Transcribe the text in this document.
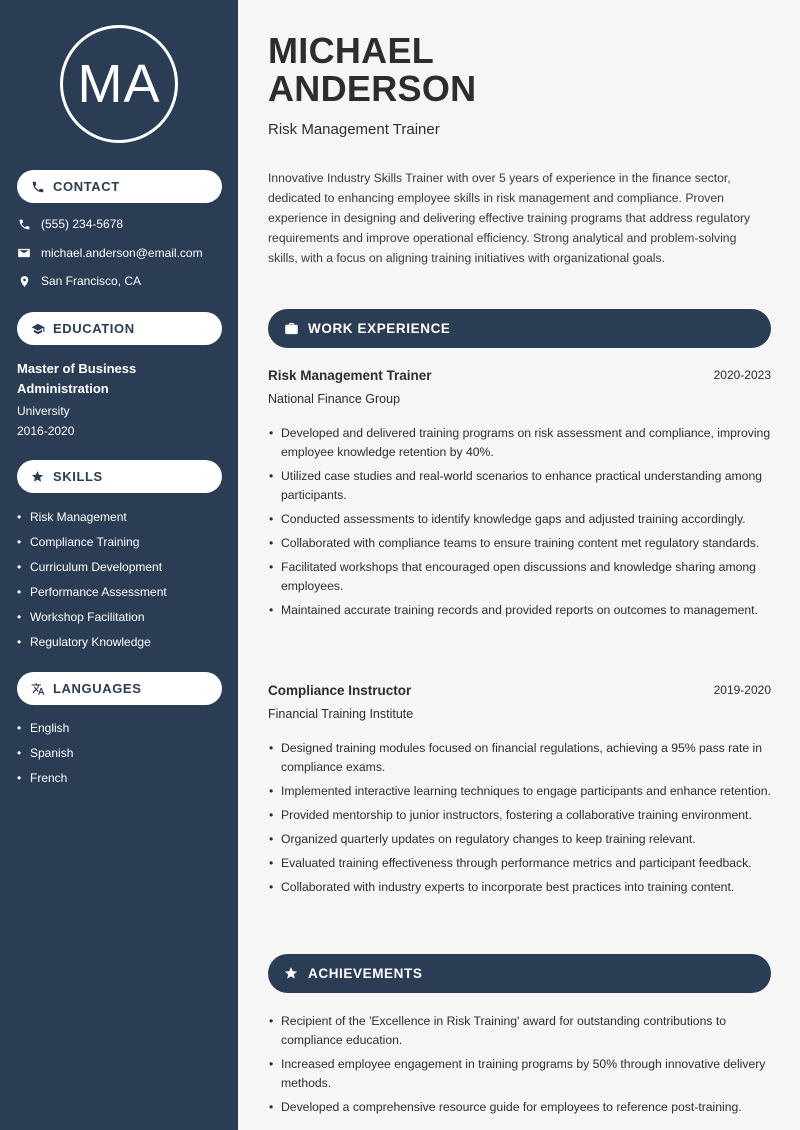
MA
CONTACT
(555) 234-5678
michael.anderson@email.com
San Francisco, CA
EDUCATION
Master of Business Administration
University
2016-2020
SKILLS
•
Risk Management
•
Compliance Training
•
Curriculum Development
•
Performance Assessment
•
Workshop Facilitation
•
Regulatory Knowledge
LANGUAGES
•
English
•
Spanish
•
French
MICHAEL
ANDERSON
Risk Management Trainer
Innovative Industry Skills Trainer with over 5 years of experience in the finance sector, dedicated to enhancing employee skills in risk management and compliance. Proven experience in designing and delivering effective training programs that address regulatory requirements and improve operational efficiency. Strong analytical and problem-solving skills, with a focus on aligning training initiatives with organizational goals.
WORK EXPERIENCE
Risk Management Trainer	2020-2023
National Finance Group
• Developed and delivered training programs on risk assessment and compliance, improving employee knowledge retention by 40%.
• Utilized case studies and real-world scenarios to enhance practical understanding among participants.
• Conducted assessments to identify knowledge gaps and adjusted training accordingly.
• Collaborated with compliance teams to ensure training content met regulatory standards.
• Facilitated workshops that encouraged open discussions and knowledge sharing among employees.
• Maintained accurate training records and provided reports on outcomes to management.
Compliance Instructor	2019-2020
Financial Training Institute
• Designed training modules focused on financial regulations, achieving a 95% pass rate in compliance exams.
• Implemented interactive learning techniques to engage participants and enhance retention.
• Provided mentorship to junior instructors, fostering a collaborative training environment.
• Organized quarterly updates on regulatory changes to keep training relevant.
• Evaluated training effectiveness through performance metrics and participant feedback.
• Collaborated with industry experts to incorporate best practices into training content.
ACHIEVEMENTS
• Recipient of the 'Excellence in Risk Training' award for outstanding contributions to compliance education.
• Increased employee engagement in training programs by 50% through innovative delivery methods.
• Developed a comprehensive resource guide for employees to reference post-training.
